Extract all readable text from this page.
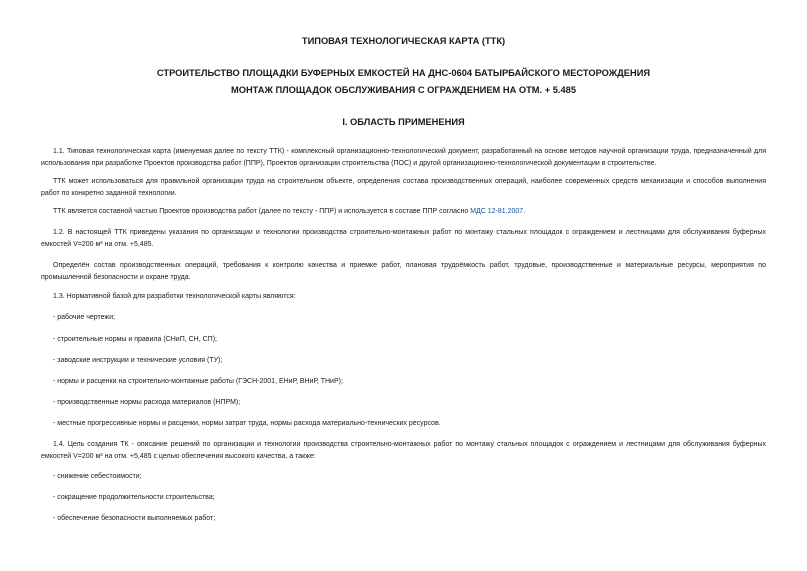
ТИПОВАЯ ТЕХНОЛОГИЧЕСКАЯ КАРТА (ТТК)

СТРОИТЕЛЬСТВО ПЛОЩАДКИ БУФЕРНЫХ ЕМКОСТЕЙ НА ДНС-0604 БАТЫРБАЙСКОГО МЕСТОРОЖДЕНИЯ

МОНТАЖ ПЛОЩАДОК ОБСЛУЖИВАНИЯ С ОГРАЖДЕНИЕМ НА ОТМ. + 5.485

I. ОБЛАСТЬ ПРИМЕНЕНИЯ

1.1. Типовая технологическая карта (именуемая далее по тексту ТТК) - комплексный организационно-технологический документ, разработанный на основе методов научной организации труда, предназначенный для использования при разработке Проектов производства работ (ППР), Проектов организации строительства (ПОС) и другой организационно-технологической документации в строительстве.

ТТК может использоваться для правильной организации труда на строительном объекте, определения состава производственных операций, наиболее современных средств механизации и способов выполнения работ по конкретно заданной технологии.

ТТК является составной частью Проектов производства работ (далее по тексту - ППР) и используется в составе ППР согласно МДС 12-81.2007.

1.2. В настоящей ТТК приведены указания по организации и технологии производства строительно-монтажных работ по монтажу стальных площадок с ограждением и лестницами для обслуживания буферных емкостей V=200 м³ на отм. +5,485.

Определён состав производственных операций, требования к контролю качества и приемке работ, плановая трудоёмкость работ, трудовые, производственные и материальные ресурсы, мероприятия по промышленной безопасности и охране труда.

1.3. Нормативной базой для разработки технологической карты являются:

- рабочие чертежи;

- строительные нормы и правила (СНиП, СН, СП);

- заводские инструкции и технические условия (ТУ);

- нормы и расценки на строительно-монтажные работы (ГЭСН-2001, ЕНиР, ВНиР, ТНиР);

- производственные нормы расхода материалов (НПРМ);

- местные прогрессивные нормы и расценки, нормы затрат труда, нормы расхода материально-технических ресурсов.

1.4. Цель создания ТК - описание решений по организации и технологии производства строительно-монтажных работ по монтажу стальных площадок с ограждением и лестницами для обслуживания буферных емкостей V=200 м³ на отм. +5,485 с целью обеспечения высокого качества, а также:

- снижение себестоимости;

- сокращение продолжительности строительства;

- обеспечение безопасности выполняемых работ;
